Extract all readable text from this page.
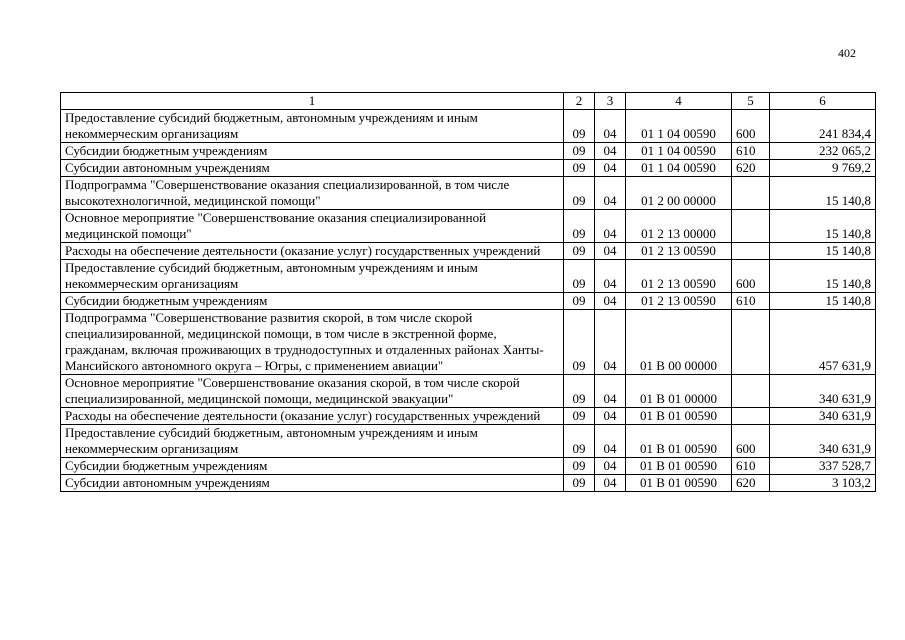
402
1	2	3	4	5	6
Предоставление субсидий бюджетным, автономным учреждениям и иным некоммерческим организациям	09	04	01 1 04 00590	600	241 834,4
Субсидии бюджетным учреждениям	09	04	01 1 04 00590	610	232 065,2
Субсидии автономным учреждениям	09	04	01 1 04 00590	620	9 769,2
Подпрограмма "Совершенствование оказания специализированной, в том числе высокотехнологичной, медицинской помощи"	09	04	01 2 00 00000		15 140,8
Основное мероприятие "Совершенствование оказания специализированной медицинской помощи"	09	04	01 2 13 00000		15 140,8
Расходы на обеспечение деятельности (оказание услуг) государственных учреждений	09	04	01 2 13 00590		15 140,8
Предоставление субсидий бюджетным, автономным учреждениям и иным некоммерческим организациям	09	04	01 2 13 00590	600	15 140,8
Субсидии бюджетным учреждениям	09	04	01 2 13 00590	610	15 140,8
Подпрограмма "Совершенствование развития скорой, в том числе скорой специализированной, медицинской помощи, в том числе в экстренной форме, гражданам, включая проживающих в труднодоступных и отдаленных районах Ханты-Мансийского автономного округа – Югры, с применением авиации"	09	04	01 В 00 00000		457 631,9
Основное мероприятие "Совершенствование оказания скорой, в том числе скорой специализированной, медицинской помощи, медицинской эвакуации"	09	04	01 В 01 00000		340 631,9
Расходы на обеспечение деятельности (оказание услуг) государственных учреждений	09	04	01 В 01 00590		340 631,9
Предоставление субсидий бюджетным, автономным учреждениям и иным некоммерческим организациям	09	04	01 В 01 00590	600	340 631,9
Субсидии бюджетным учреждениям	09	04	01 В 01 00590	610	337 528,7
Субсидии автономным учреждениям	09	04	01 В 01 00590	620	3 103,2
